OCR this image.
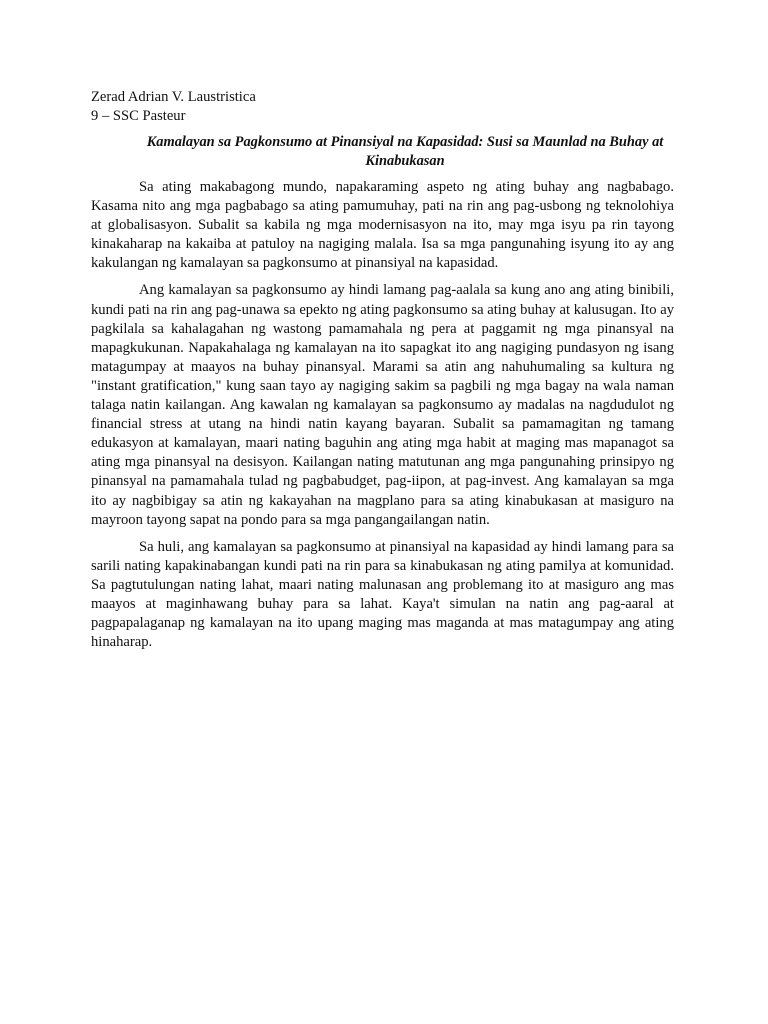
Zerad Adrian V. Laustristica
9 – SSC Pasteur
Kamalayan sa Pagkonsumo at Pinansiyal na Kapasidad: Susi sa Maunlad na Buhay at Kinabukasan

Sa ating makabagong mundo, napakaraming aspeto ng ating buhay ang nagbabago. Kasama nito ang mga pagbabago sa ating pamumuhay, pati na rin ang pag-usbong ng teknolohiya at globalisasyon. Subalit sa kabila ng mga modernisasyon na ito, may mga isyu pa rin tayong kinakaharap na kakaiba at patuloy na nagiging malala. Isa sa mga pangunahing isyung ito ay ang kakulangan ng kamalayan sa pagkonsumo at pinansiyal na kapasidad.

Ang kamalayan sa pagkonsumo ay hindi lamang pag-aalala sa kung ano ang ating binibili, kundi pati na rin ang pag-unawa sa epekto ng ating pagkonsumo sa ating buhay at kalusugan. Ito ay pagkilala sa kahalagahan ng wastong pamamahala ng pera at paggamit ng mga pinansyal na mapagkukunan. Napakahalaga ng kamalayan na ito sapagkat ito ang nagiging pundasyon ng isang matagumpay at maayos na buhay pinansyal. Marami sa atin ang nahuhumaling sa kultura ng "instant gratification," kung saan tayo ay nagiging sakim sa pagbili ng mga bagay na wala naman talaga natin kailangan. Ang kawalan ng kamalayan sa pagkonsumo ay madalas na nagdudulot ng financial stress at utang na hindi natin kayang bayaran. Subalit sa pamamagitan ng tamang edukasyon at kamalayan, maari nating baguhin ang ating mga habit at maging mas mapanagot sa ating mga pinansyal na desisyon. Kailangan nating matutunan ang mga pangunahing prinsipyo ng pinansyal na pamamahala tulad ng pagbabudget, pag-iipon, at pag-invest. Ang kamalayan sa mga ito ay nagbibigay sa atin ng kakayahan na magplano para sa ating kinabukasan at masiguro na mayroon tayong sapat na pondo para sa mga pangangailangan natin.

Sa huli, ang kamalayan sa pagkonsumo at pinansiyal na kapasidad ay hindi lamang para sa sarili nating kapakinabangan kundi pati na rin para sa kinabukasan ng ating pamilya at komunidad. Sa pagtutulungan nating lahat, maari nating malunasan ang problemang ito at masiguro ang mas maayos at maginhawang buhay para sa lahat. Kaya't simulan na natin ang pag-aaral at pagpapalaganap ng kamalayan na ito upang maging mas maganda at mas matagumpay ang ating hinaharap.
